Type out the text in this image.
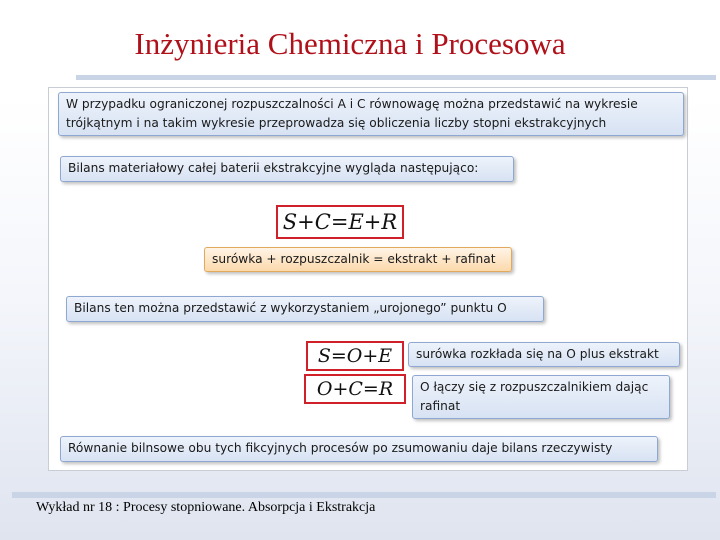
Inżynieria Chemiczna i Procesowa
W przypadku ograniczonej rozpuszczalności A i C równowagę można przedstawić na wykresie trójkątnym i na takim wykresie przeprowadza się obliczenia liczby stopni ekstrakcyjnych
Bilans materiałowy całej baterii ekstrakcyjne wygląda następująco:
S + C = E + R
surówka + rozpuszczalnik = ekstrakt + rafinat
Bilans ten można przedstawić z wykorzystaniem „urojonego” punktu O
S = O + E	surówka rozkłada się na O plus ekstrakt
O + C = R	O łączy się z rozpuszczalnikiem dając rafinat
Równanie bilnsowe obu tych fikcyjnych procesów po zsumowaniu daje bilans rzeczywisty
Wykład nr 18 : Procesy stopniowane. Absorpcja i Ekstrakcja
